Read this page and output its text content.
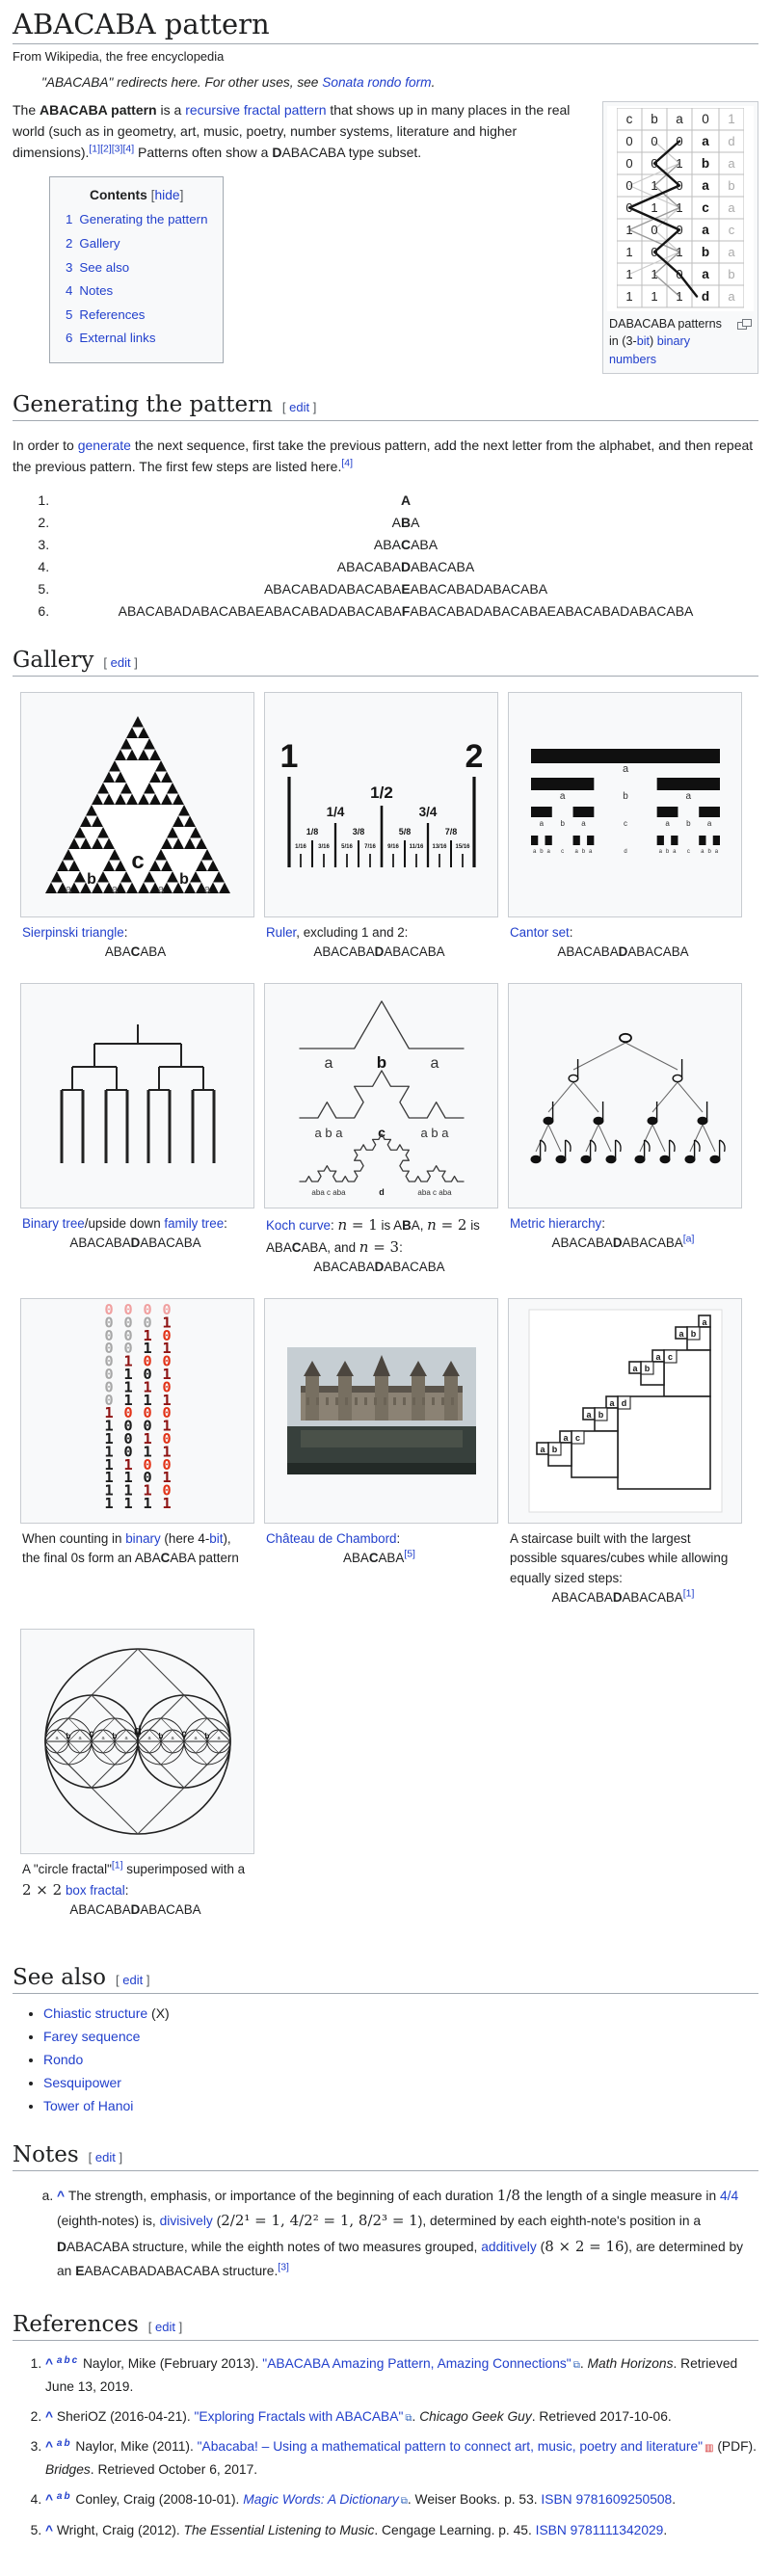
ABACABA pattern
From Wikipedia, the free encyclopedia
"ABACABA" redirects here. For other uses, see Sonata rondo form.
c b a 0 1
0 0 0 a d
0 0 1 b a
0 1 0 a b
0 1 1 c a
1 0 0 a c
1 0 1 b a
1 1 0 a b
1 1 1 d a
DABACABA patterns in (3-bit) binary numbers

The ABACABA pattern is a recursive fractal pattern that shows up in many places in the real world (such as in geometry, art, music, poetry, number systems, literature and higher dimensions).[1][2][3][4] Patterns often show a DABACABA type subset.

Contents [hide]
1 Generating the pattern
2 Gallery
3 See also
4 Notes
5 References
6 External links
Generating the pattern [ edit ]

In order to generate the next sequence, first take the previous pattern, add the next letter from the alphabet, and then repeat the previous pattern. The first few steps are listed here.[4]

1. A
2. ABA
3. ABACABA
4. ABACABADABACABA
5. ABACABADABACABAEABACABADABACABA
6. ABACABADABACABAEABACABADABACABAFABACABADABACABAEABACABADABACABA
Gallery [ edit ]
c
b	b
a	a	a	a
Sierpinski triangle:
ABACABA
1	2
1/2
1/4	3/4
1/8	3/8	5/8	7/8
1/16 3/16 5/16 7/16 9/16 11/16 13/16 15/16
Ruler, excluding 1 and 2:
ABACABADABACABA
a
a	b	a
a b a	c	a b a
a b a c a b a	d	a b a c a b a
Cantor set:
ABACABADABACABA
Binary tree/upside down family tree:
ABACABADABACABA
a	b	a
a b a	c	a b a
aba c aba	d	aba c aba
Koch curve: n = 1 is ABA, n = 2 is ABACABA, and n = 3:
ABACABADABACABA
Metric hierarchy:
ABACABADABACABA[a]
0 0 0 0
0 0 0 1
0 0 1 0
0 0 1 1
0 1 0 0
0 1 0 1
0 1 1 0
0 1 1 1
1 0 0 0
1 0 0 1
1 0 1 0
1 0 1 1
1 1 0 0
1 1 0 1
1 1 1 0
1 1 1 1
When counting in binary (here 4-bit), the final 0s form an ABACABA pattern
Château de Chambord:
ABACABA[5]
a
b
a
c
a
b
a
d
a
b
a
c
a
b
a
A staircase built with the largest possible squares/cubes while allowing equally sized steps:
ABACABADABACABA[1]
d
c	c
b	b	b	b
a	a	a	a	a	a	a	a
A "circle fractal"[1] superimposed with a 2 × 2 box fractal:
ABACABADABACABA
See also [ edit ]
• Chiastic structure (X)
• Farey sequence
• Rondo
• Sesquipower
• Tower of Hanoi
Notes [ edit ]
a. ^ The strength, emphasis, or importance of the beginning of each duration 1/8 the length of a single measure in 4/4 (eighth-notes) is, divisively (2/2¹ = 1, 4/2² = 1, 8/2³ = 1), determined by each eighth-note's position in a DABACABA structure, while the eighth notes of two measures grouped, additively (8 × 2 = 16), are determined by an EABACABADABACABA structure.[3]
References [ edit ]
1. ^ $^a$ $^b$ $^c$ Naylor, Mike (February 2013). "ABACABA Amazing Pattern, Amazing Connections" ⧉. Math Horizons. Retrieved June 13, 2019.
2. ^ SheriOZ (2016-04-21). "Exploring Fractals with ABACABA" ⧉. Chicago Geek Guy. Retrieved 2017-10-06.
3. ^ $^a$ $^b$ Naylor, Mike (2011). "Abacaba! – Using a mathematical pattern to connect art, music, poetry and literature" ▥ (PDF). Bridges. Retrieved October 6, 2017.
4. ^ $^a$ $^b$ Conley, Craig (2008-10-01). Magic Words: A Dictionary ⧉. Weiser Books. p. 53. ISBN 9781609250508.
5. ^ Wright, Craig (2012). The Essential Listening to Music. Cengage Learning. p. 45. ISBN 9781111342029.
